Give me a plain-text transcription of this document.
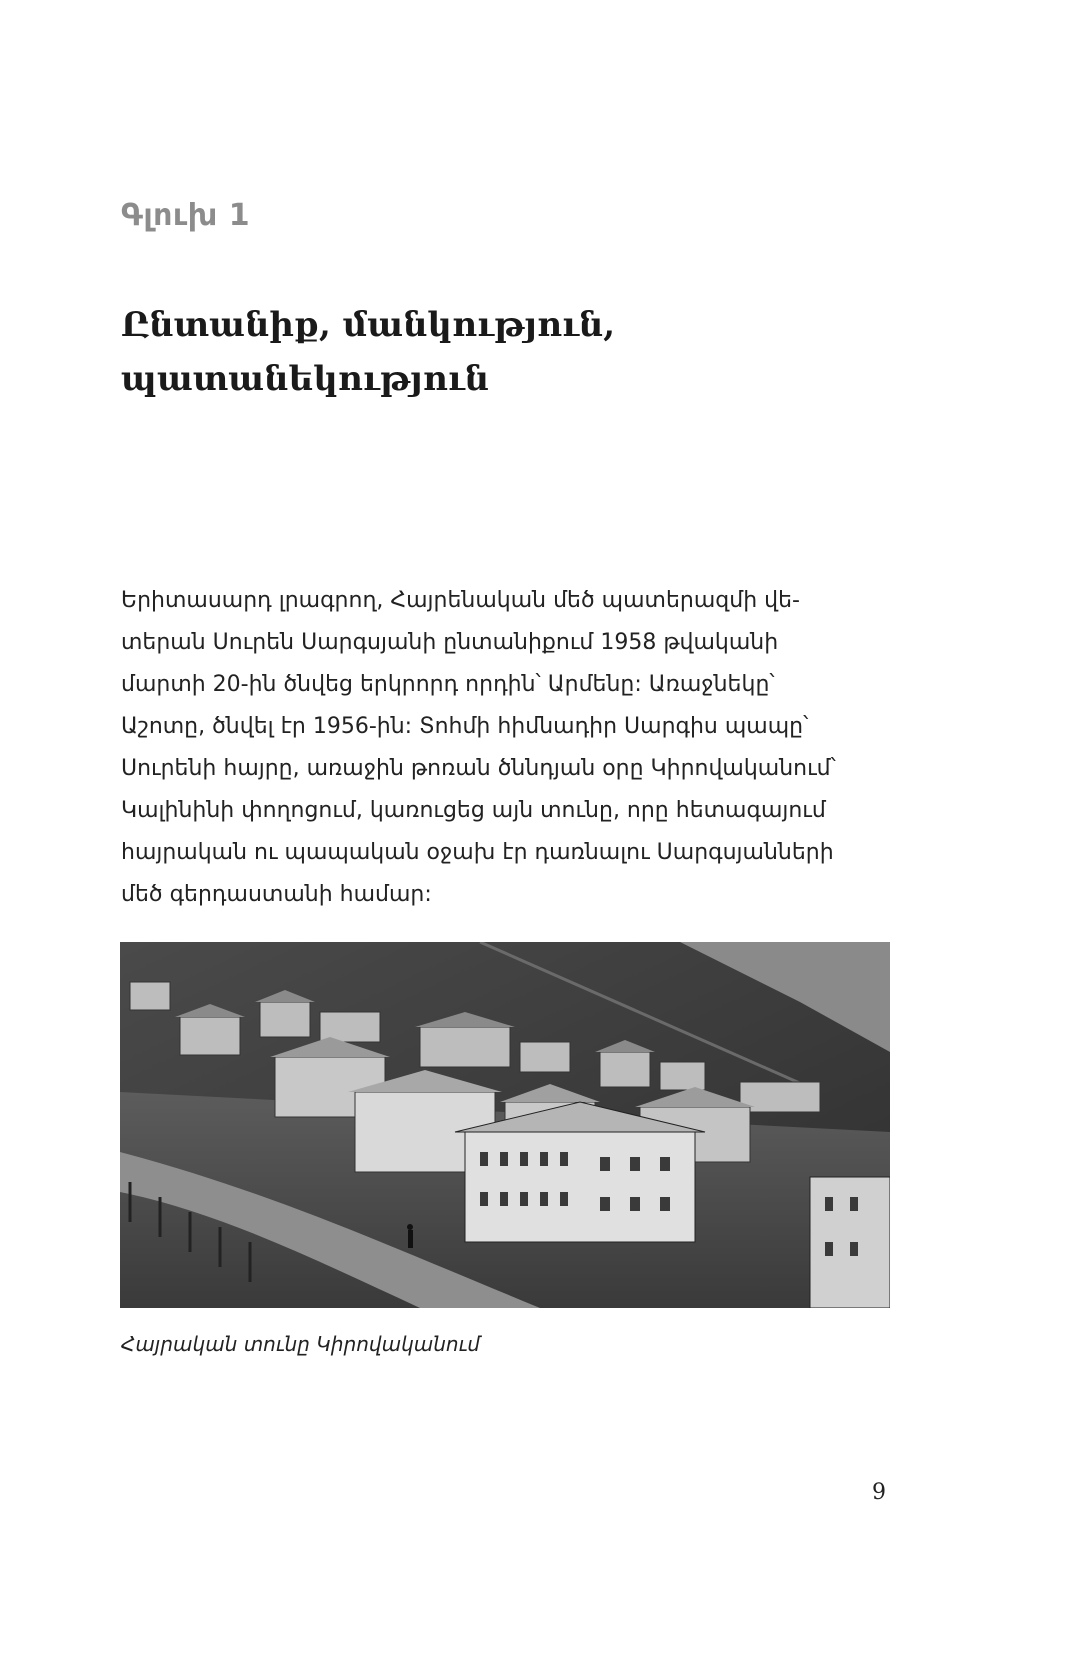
Գլուխ 1
Ընտանիք, մանկություն,
պատանեկություն
Երիտասարդ լրագրող, Հայրենական մեծ պատերազմի վե-
տերան Սուրեն Սարգսյանի ընտանիքում 1958 թվականի
մարտի 20-ին ծնվեց երկրորդ որդին՝ Արմենը: Առաջնեկը՝
Աշոտը, ծնվել էր 1956-ին: Տոհմի հիմնադիր Սարգիս պապը՝
Սուրենի հայրը, առաջին թոռան ծննդյան օրը Կիրովականում՝
Կալինինի փողոցում, կառուցեց այն տունը, որը հետագայում
հայրական ու պապական օջախ էր դառնալու Սարգսյանների
մեծ գերդաստանի համար:
Հայրական տունը Կիրովականում
9
